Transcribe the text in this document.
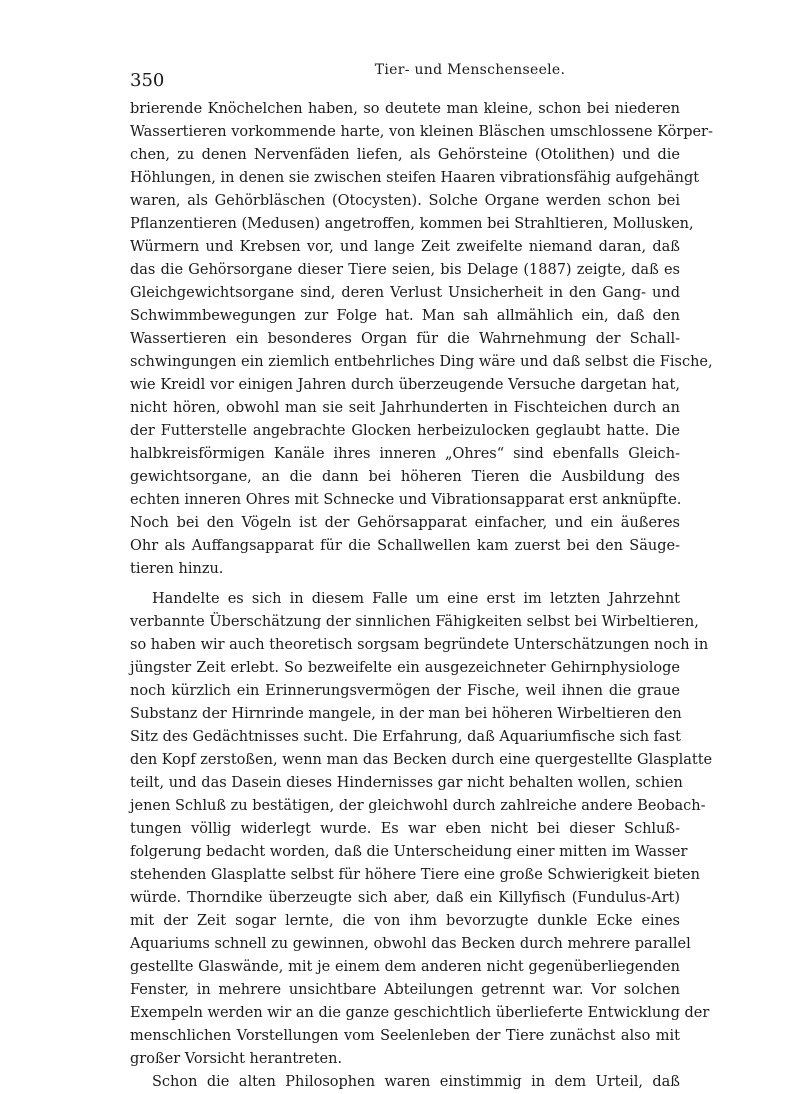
350	Tier- und Menschenseele.
brierende Knöchelchen haben, so deutete man kleine, schon bei niederen
Wassertieren vorkommende harte, von kleinen Bläschen umschlossene Körper-
chen, zu denen Nervenfäden liefen, als Gehörsteine (Otolithen) und die
Höhlungen, in denen sie zwischen steifen Haaren vibrationsfähig aufgehängt
waren, als Gehörbläschen (Otocysten). Solche Organe werden schon bei
Pflanzentieren (Medusen) angetroffen, kommen bei Strahltieren, Mollusken,
Würmern und Krebsen vor, und lange Zeit zweifelte niemand daran, daß
das die Gehörsorgane dieser Tiere seien, bis Delage (1887) zeigte, daß es
Gleichgewichtsorgane sind, deren Verlust Unsicherheit in den Gang- und
Schwimmbewegungen zur Folge hat. Man sah allmählich ein, daß den
Wassertieren ein besonderes Organ für die Wahrnehmung der Schall-
schwingungen ein ziemlich entbehrliches Ding wäre und daß selbst die Fische,
wie Kreidl vor einigen Jahren durch überzeugende Versuche dargetan hat,
nicht hören, obwohl man sie seit Jahrhunderten in Fischteichen durch an
der Futterstelle angebrachte Glocken herbeizulocken geglaubt hatte. Die
halbkreisförmigen Kanäle ihres inneren „Ohres“ sind ebenfalls Gleich-
gewichtsorgane, an die dann bei höheren Tieren die Ausbildung des
echten inneren Ohres mit Schnecke und Vibrationsapparat erst anknüpfte.
Noch bei den Vögeln ist der Gehörsapparat einfacher, und ein äußeres
Ohr als Auffangsapparat für die Schallwellen kam zuerst bei den Säuge-
tieren hinzu.
Handelte es sich in diesem Falle um eine erst im letzten Jahrzehnt
verbannte Überschätzung der sinnlichen Fähigkeiten selbst bei Wirbeltieren,
so haben wir auch theoretisch sorgsam begründete Unterschätzungen noch in
jüngster Zeit erlebt. So bezweifelte ein ausgezeichneter Gehirnphysiologe
noch kürzlich ein Erinnerungsvermögen der Fische, weil ihnen die graue
Substanz der Hirnrinde mangele, in der man bei höheren Wirbeltieren den
Sitz des Gedächtnisses sucht. Die Erfahrung, daß Aquariumfische sich fast
den Kopf zerstoßen, wenn man das Becken durch eine quergestellte Glasplatte
teilt, und das Dasein dieses Hindernisses gar nicht behalten wollen, schien
jenen Schluß zu bestätigen, der gleichwohl durch zahlreiche andere Beobach-
tungen völlig widerlegt wurde. Es war eben nicht bei dieser Schluß-
folgerung bedacht worden, daß die Unterscheidung einer mitten im Wasser
stehenden Glasplatte selbst für höhere Tiere eine große Schwierigkeit bieten
würde. Thorndike überzeugte sich aber, daß ein Killyfisch (Fundulus-Art)
mit der Zeit sogar lernte, die von ihm bevorzugte dunkle Ecke eines
Aquariums schnell zu gewinnen, obwohl das Becken durch mehrere parallel
gestellte Glaswände, mit je einem dem anderen nicht gegenüberliegenden
Fenster, in mehrere unsichtbare Abteilungen getrennt war. Vor solchen
Exempeln werden wir an die ganze geschichtlich überlieferte Entwicklung der
menschlichen Vorstellungen vom Seelenleben der Tiere zunächst also mit
großer Vorsicht herantreten.
Schon die alten Philosophen waren einstimmig in dem Urteil, daß
